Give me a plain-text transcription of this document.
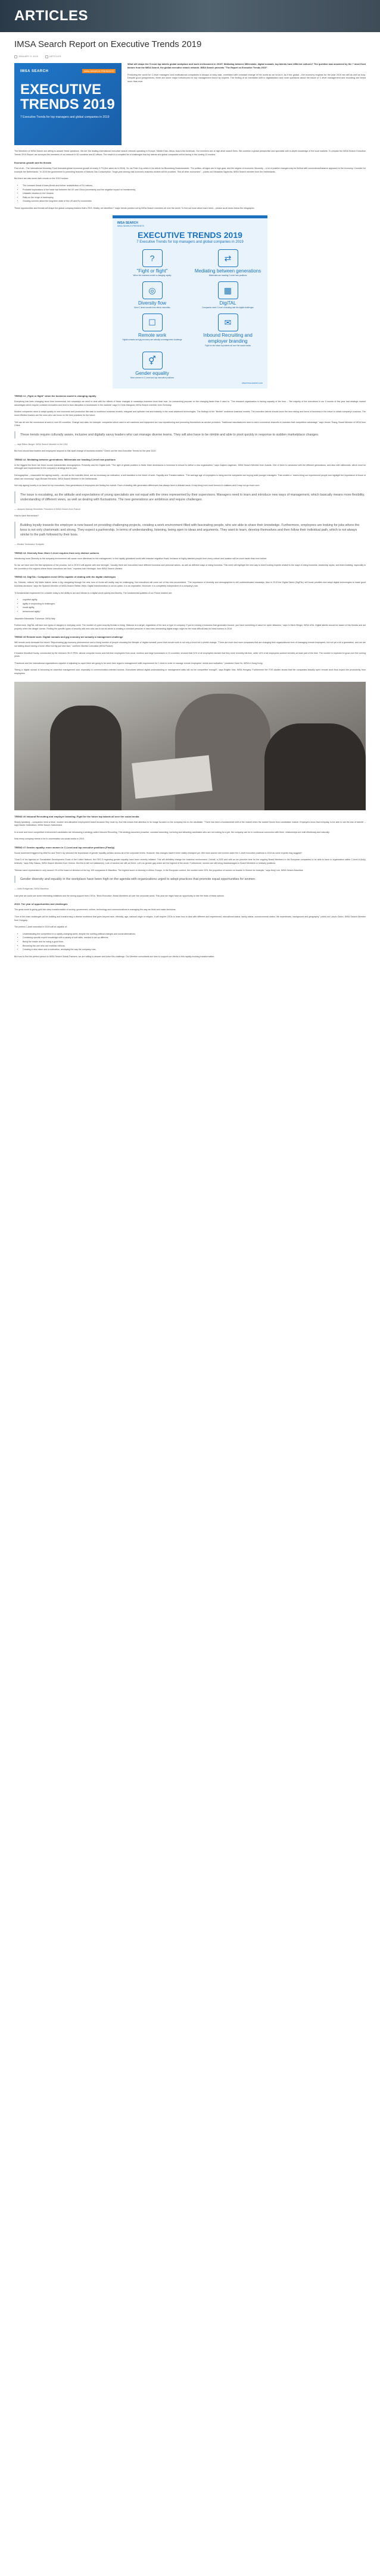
ARTICLES
IMSA Search Report on Executive Trends 2019
JANUARY 9, 2019	ARTICLES
IMSA SEARCH	IMSA SEARCH PRESENTS
EXECUTIVE TRENDS 2019
7 Executive Trends for top managers and global companies in 2019

What will shape the 5 most top talents global workplace and work environment in 2019? Mediating between Millennials, digital nomads, top talents have different cultures? The question was answered by the 7 most fixed factors from the IMSA Search, the global executive search network. IMSA Search presents "The Report on Executive Trends 2019".

Predicting the world for C-level managers and multinational companies is always a tricky task, correlated with constant change of the world as we know it. As if the global – the economy engines for the year 2019 are still as well as truly. Despite good perspectives, there are some major turbulences for top management found by experts. The feeling of an inevitable shift to digitalization and more questions about the future of C-level management and recruiting are heard more than ever.

The Members of IMSA Search are willing to answer these questions. We are the leading international executive search network operating in Europe, Middle East, Africa, Asia & the Americas. Our members are at high-level search firms. We combine a global perspective and specialist with in-depth knowledge of the local markets. To prepare the IMSA Search Executive Trends 2019 Report, we surveyed the members of our network in 52 countries and 61 offices. The result is a compiled list of challenges that top talents and global companies will be facing in the coming 12 months.

Economic growth and its threats

First of all – The International Monetary Fund forecasts global economic growth at nearly 3.7% (the same as in 2018). So, as Peter Cuy writes in his article for Bloomberg Businessweek: "For politics, all signs are in high-gear; and the degree of economic Secondly – a lot of positive changes may be thrilled with convenience/balance approach to the economy. Consider for example the Netherlands." In 2019 the government is promoting features of Natural Gas Consumption. Tough year among vast economic business models will be provided. "But all other economies" – points out Sebastian Sapiecha, IMSA Search member from the Netherlands.

But there are also some dark clouds on the 2019 horizon:

• The constant threat of trans-Brexit and further redistribution of EU nations,
• Probable implications of the trade war between the US and China (uncertainty and the negative impact on investments),
• Unstable situation in the Ukraine,
• Rally on the verge of bankruptcy,
• Growing concern about the long-term state of the US and EU economies.

These opportunities and threats will shape the global company leaders that's 2019. Mostly, we identified 7 major trends pointed out by IMSA Search members all over the world. To find out more about each trend – please scroll down below the infographic.

IMSA SEARCH
IMSA SEARCH PRESENTS
EXECUTIVE TRENDS 2019
7 Executive Trends for top managers and global companies in 2019
?
"Fight or flight"
When the business model is changing rapidly
⇄
Mediating between generations
Millennials are heading C-level new positions
◎
Diversity flow
More C-level recruits from ethnic minorities
▦
DigiTAL
Companies need C-level of dealing with the digital challenges
☐
Remote work
Digital nomads and gig economy are actually a management challenge
✉
Inbound Recruiting and employer branding
Fight for the future top talents all over the social media
⚥
Gender equality
More women in C-Level and top executive positions
www.imsa-search.com
TREND #1 „Fight or flight" when the business model is changing rapidly

Everything has been changing since time immemorial, but nowadays we need to deal with the effects of these changes in nowadays business more than ever. An overarching purpose on the changing faster than it used to. "The research organisation is having capacity of the hour – "the majority of the executives in our 9 rounds of this year had strategic market advantages which require constant innovation and tend to face disruption in businesses in the markets" says Dr Chris Mahgoub, IMSA Search member from Germany.

Modern companies need to adapt quickly to new economic and production like task to workforce business models, integrate and optimize real and instantly in the most advanced technologies. The findings of the "flexible" workforce business models. The executive talents should know the new mixing and forms of business in the future to obtain company's success. The most effective leaders are the ones who can focus on the best practices for the future.

"We can all see the momentum at work in over 60 countries. Change and data, for example, companies which used to set machines and equipment are now repositioning and promoting themselves as service providers. Traditional manufacturers need to add e-commerce channels to maintain their competitive advantage," says Jeroen Thang, Board Member of IMSA from China.

These trends require culturally aware, inclusive and digitally savvy leaders who can manage diverse teams. They will also have to be nimble and able to pivot quickly in response to sudden marketplace changes.
— Jaye Bitton-Berger, IMSA Search Member in the USA

But how should lead leaders and employers respond to this rapid change of business models? Check out the new Executive Trends for the year 2019.

TREND #2: Mediating between generations: Millennials are heading C-level new positions

In the biggest the there are three crucial characteristic demographics: Presently and the Digital truth. "The right of global problem in these three dimensions is immense to ensure to define a new organization," says Gaylord Jagersen, IMSA Search Member from Austria. One of them is connected with the different generations, and also with millennials, which must be rethought and implemented in the company's strategy and its plan.

Demographics – reasonable the ageing society – as well as the scientific trend, are as necessary as motivation, a self-transition to the future of work. Rapidity and Transformations. "The average age of employees is rising and the companies are buying solid younger managers. That creates a ' teams-bring our experienced people and highlight the importance of those of which are necessary" says Michael Herscher, IMSA Search Member in the Netherlands.

Not only ageing society is an issue for top executives. New generations of employees are feeling the market. Each of leading with generation differences has always been a delicate issue, it may bring even more tension in relations and it may not go much cure.

The issue is escalating, as the attitude and expectations of young specialists are not equal with the ones represented by their supervisors. Managers need to learn and introduce new ways of management, which basically means more flexibility, understanding of different views, as well as dealing with fluctuations. The new generations are ambitious and require challenges.
— Jacques Marnay Kinnsfield, President of IMSA Search from France

How to save this tension?

Building loyalty towards the employer is now based on providing challenging projects, creating a work environment filled with fascinating people, who are able to share their knowledge. Furthermore, employees are looking for jobs where the boss is not only charismatic and strong. They expect a partnership. In terms of understanding, listening, being open to ideas and arguments. They want to learn, develop themselves and then follow their individual path, which is not always similar to the path followed by their boss.
— Monika Tomkowicz Szołysek
TREND #3: Diversity flow: More C-level requires from very distinct cultures

Introducing more Diversity to the company environment will cause more dilemmas for the management. In the rapidly globalized world with massive migration flows, inclusion of highly talented people from every culture and location will be much faster than ever before.

So far, we have seen the first symptoms of the process, but in 2019 it will appear with new strength. "Usually there are executives have different business and personal values, as well as different ways of doing business. This need will highlight the new way to hired trusting experts related to the ways of doing business, leadership styles, and team-building, especially in the countries in the regions where these executives are from," explains Ivan Hreniagin, from IMSA Search Ukraine.

TREND #4: DigiTAL: Companies need CEOs capable of dealing with the digital challenges

As, Sherwin, reflects Yeji Malls Valerie Jamin a big 'navigating through the new, tons of fronts will reality may be challenging, Not executives will come out of this new uncorrelated. "The importance of diversity and demographics is still underestimated nowadays. Also in 2019 the Digital Talent (DigiTAL) will boost priorities and adopt digital technologies to make good business decisions" says the Spanish Member of IMSA Search Rafael Vilela. Digital transformation is not an option. It is an imperative. Moreover, it is completely independent of a company's size.

"A fundamental requirement for a leader today is the ability to act and interact in a digital world quickly and fluently. The fundamental qualities of our Future leaders are:

• cognitive agility,
• agility in responding to challenges,
• social agility,
• behavioural agility."

Jasprabin Mannanlur Tucherser, IMSA Italy

Furthermore, DigiTAL will face new types of dangers in everyday work. The number of cyber security threats is rising. Statuses is a target, regardless of the size or type of company. If you're running a business that generates income, you have something of value for cyber attackers," says in Mirch Berger, IMSA USA. Digital talents should be aware of this threats and act properly when the danger comes. Finding the specific types of security wiki new cuts can to act as whole is creating a constant pressure in new roles demanding digital magic might be the most difficult task for head hunters in 2019.

TREND #5 Remote work: Digital nomads and gig economy are actually a management challenge

Will remote work dominate the future? Rejuvenating gig economy phenomenon and a rising number of people choosing the lifestyle of 'digital nomads' prove that remote work is not only a trend but a visible change. "There are more and more companies that are changing their organizational form of managing remote employees, but not yet a bit a generation, and we are not talking about having a home office but big just new face," confirms Monika Czesolska (IMSA Poland).

If leaders Mondbull Ducky, constructed by the research ISI-IS PEM, almost computer boxes sold full-time employees from vocal, medium and large businesses in 10 countries, showed that 31% of all employees declare that they work remotely full-time, while 14% of all employees worked remotely at least part of the time. The number is expected to grow over the coming years.

"Facebook and the international organizations capable of adjusting so rapid there are going to be seen their region's management skills requirement for C-level in order to manage remote employees' needs and motivation," predicted Hans Ho, IMSA in Hong Kong.

"Being a 'digital nomad' is becoming an essential management and, especially in communication-oriented sectors. Executives without digital understanding or management skills will not be competitive enough!", says Brigitte Kiss, IMSA Hungary. Furthermore the IT/IS studies shows that the companies actually open remote work thus expect the productivity from employees.

TREND #6 Inbound Recruiting and employer branding: Fight for the future top talents all over the social media

Simply speaking – companies need a fresh, modern and attractive employment brand because they must try. And this means that attention to its image focused on the company but on the candidate. "There has been a fundamental shift of the market when the market forces from candidates' market. Employers know that everyday, to be able to win the war of talents" – says Martin Sidebottom, IMSA Search Switzerland.

In a more and more competitive environment candidates are introducing a strategy called Inbound Recruiting. This strategy assumes proactive, constant searching, nurturing and attracting candidates who are not looking for a job, the company can be in continuous connection with them, relationships are built effortlessly and naturally.

Now every company needs to be in conversation via social media in 2019.

TREND #7 Gender equality: more women in C-Level and top executive positions (Finally)

Social movement triggered by #MeToo and Time's Up stressed the importance of gender equality policies across all of the corporate levels. However, this changes haven't been visibly reshaped yet. Will more women see women claim the C-level executive positions in 2019 as some experts may suggest?

"Goal 5 of the Agenda on Sustainable Development Goals of the United Nations, the EEG-3 regarding gender equality have been recently initiated. This will definitely change the business environment. Overall, a 2020 and with as we perceive time for the ongoing Board Members in the European companies to be able to have in organization within C-level 8 (fully) believes," says Kitty Giassu, IMSA Search Member from Greece. But this is still not satisfactory. Lots of barriers are still out there. Let's do gender gap which are the highest of the world. Furthermore, women are still being disadvantaged in Board Members or similarly positions.

"Women were represented in only around 1% of the board of directors of the top 100 companies in Mauritius. The highest score of diversity in Africa, Europe, in the European context, the number were 23%, the proportion of women on boards in Greece for example," says Kenji Lee, IMSA Search Mauritius.

Gender diversity and equality in the workplace have been high on the agenda with organizations urged to adopt practices that promote equal opportunities for women.
— Jodie Bridgeman, IMSA Mauritius

Last year we could see some interesting initiatives and the strong support from CEOs, "Brick Executive, Board Members all over the corporate world. This year we might have an opportunity to see the fruits of these actions.

2019: The year of opportunities and challenges

The great world is giving gold into deep transformation of society, government, culture, technology and communications in managing the way we think and make decisions.

"One of the main challenges will be building and transforming a diverse workforce that goes beyond race, ethnicity, age, national origin or religion. It will require CEOs to learn how to deal with different and experienced, educational status, family status, socioeconomic status, life experiences, background and geography," points out Laszlo Garzo, IMSA Search Member from Hungary.

The perfect C-level executive in 2019 will be capable of:

• Understanding the competition in a rapidly changing world, despite the rushing political changes and social alternatives,
• Combining specific expert knowledge with a variety of soft skills, needed to set up different
• Being the leader and for doing a good time,
• Becoming the one who can mobilise millions,
• Creating a new vision and a motivation, reshaping the way the company runs.

But how to find the perfect person to IMSA Search Global Partners, we are willing to answer and solve this challenge. Our Member consultants are here to support our clients in this rapidly evolving transformation.
